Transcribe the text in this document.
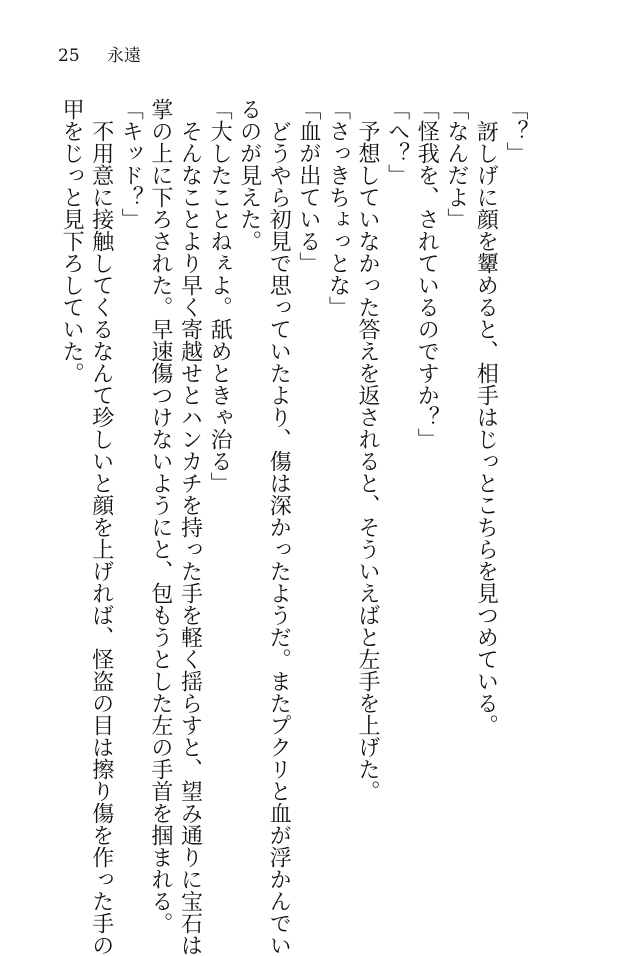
25 永遠
「？」
　訝しげに顔を顰めると、相手はじっとこちらを見つめている。
「なんだよ」
「怪我を、されているのですか？」
「へ？」
　予想していなかった答えを返されると、そういえばと左手を上げた。
「さっきちょっとな」
「血が出ている」
　どうやら初見で思っていたより、傷は深かったようだ。またプクリと血が浮かんでい
るのが見えた。
「大したことねぇよ。舐めときゃ治る」
　そんなことより早く寄越せとハンカチを持った手を軽く揺らすと、望み通りに宝石は
掌の上に下ろされた。早速傷つけないようにと、包もうとした左の手首を掴まれる。
「キッド？」
　不用意に接触してくるなんて珍しいと顔を上げれば、怪盗の目は擦り傷を作った手の
甲をじっと見下ろしていた。
